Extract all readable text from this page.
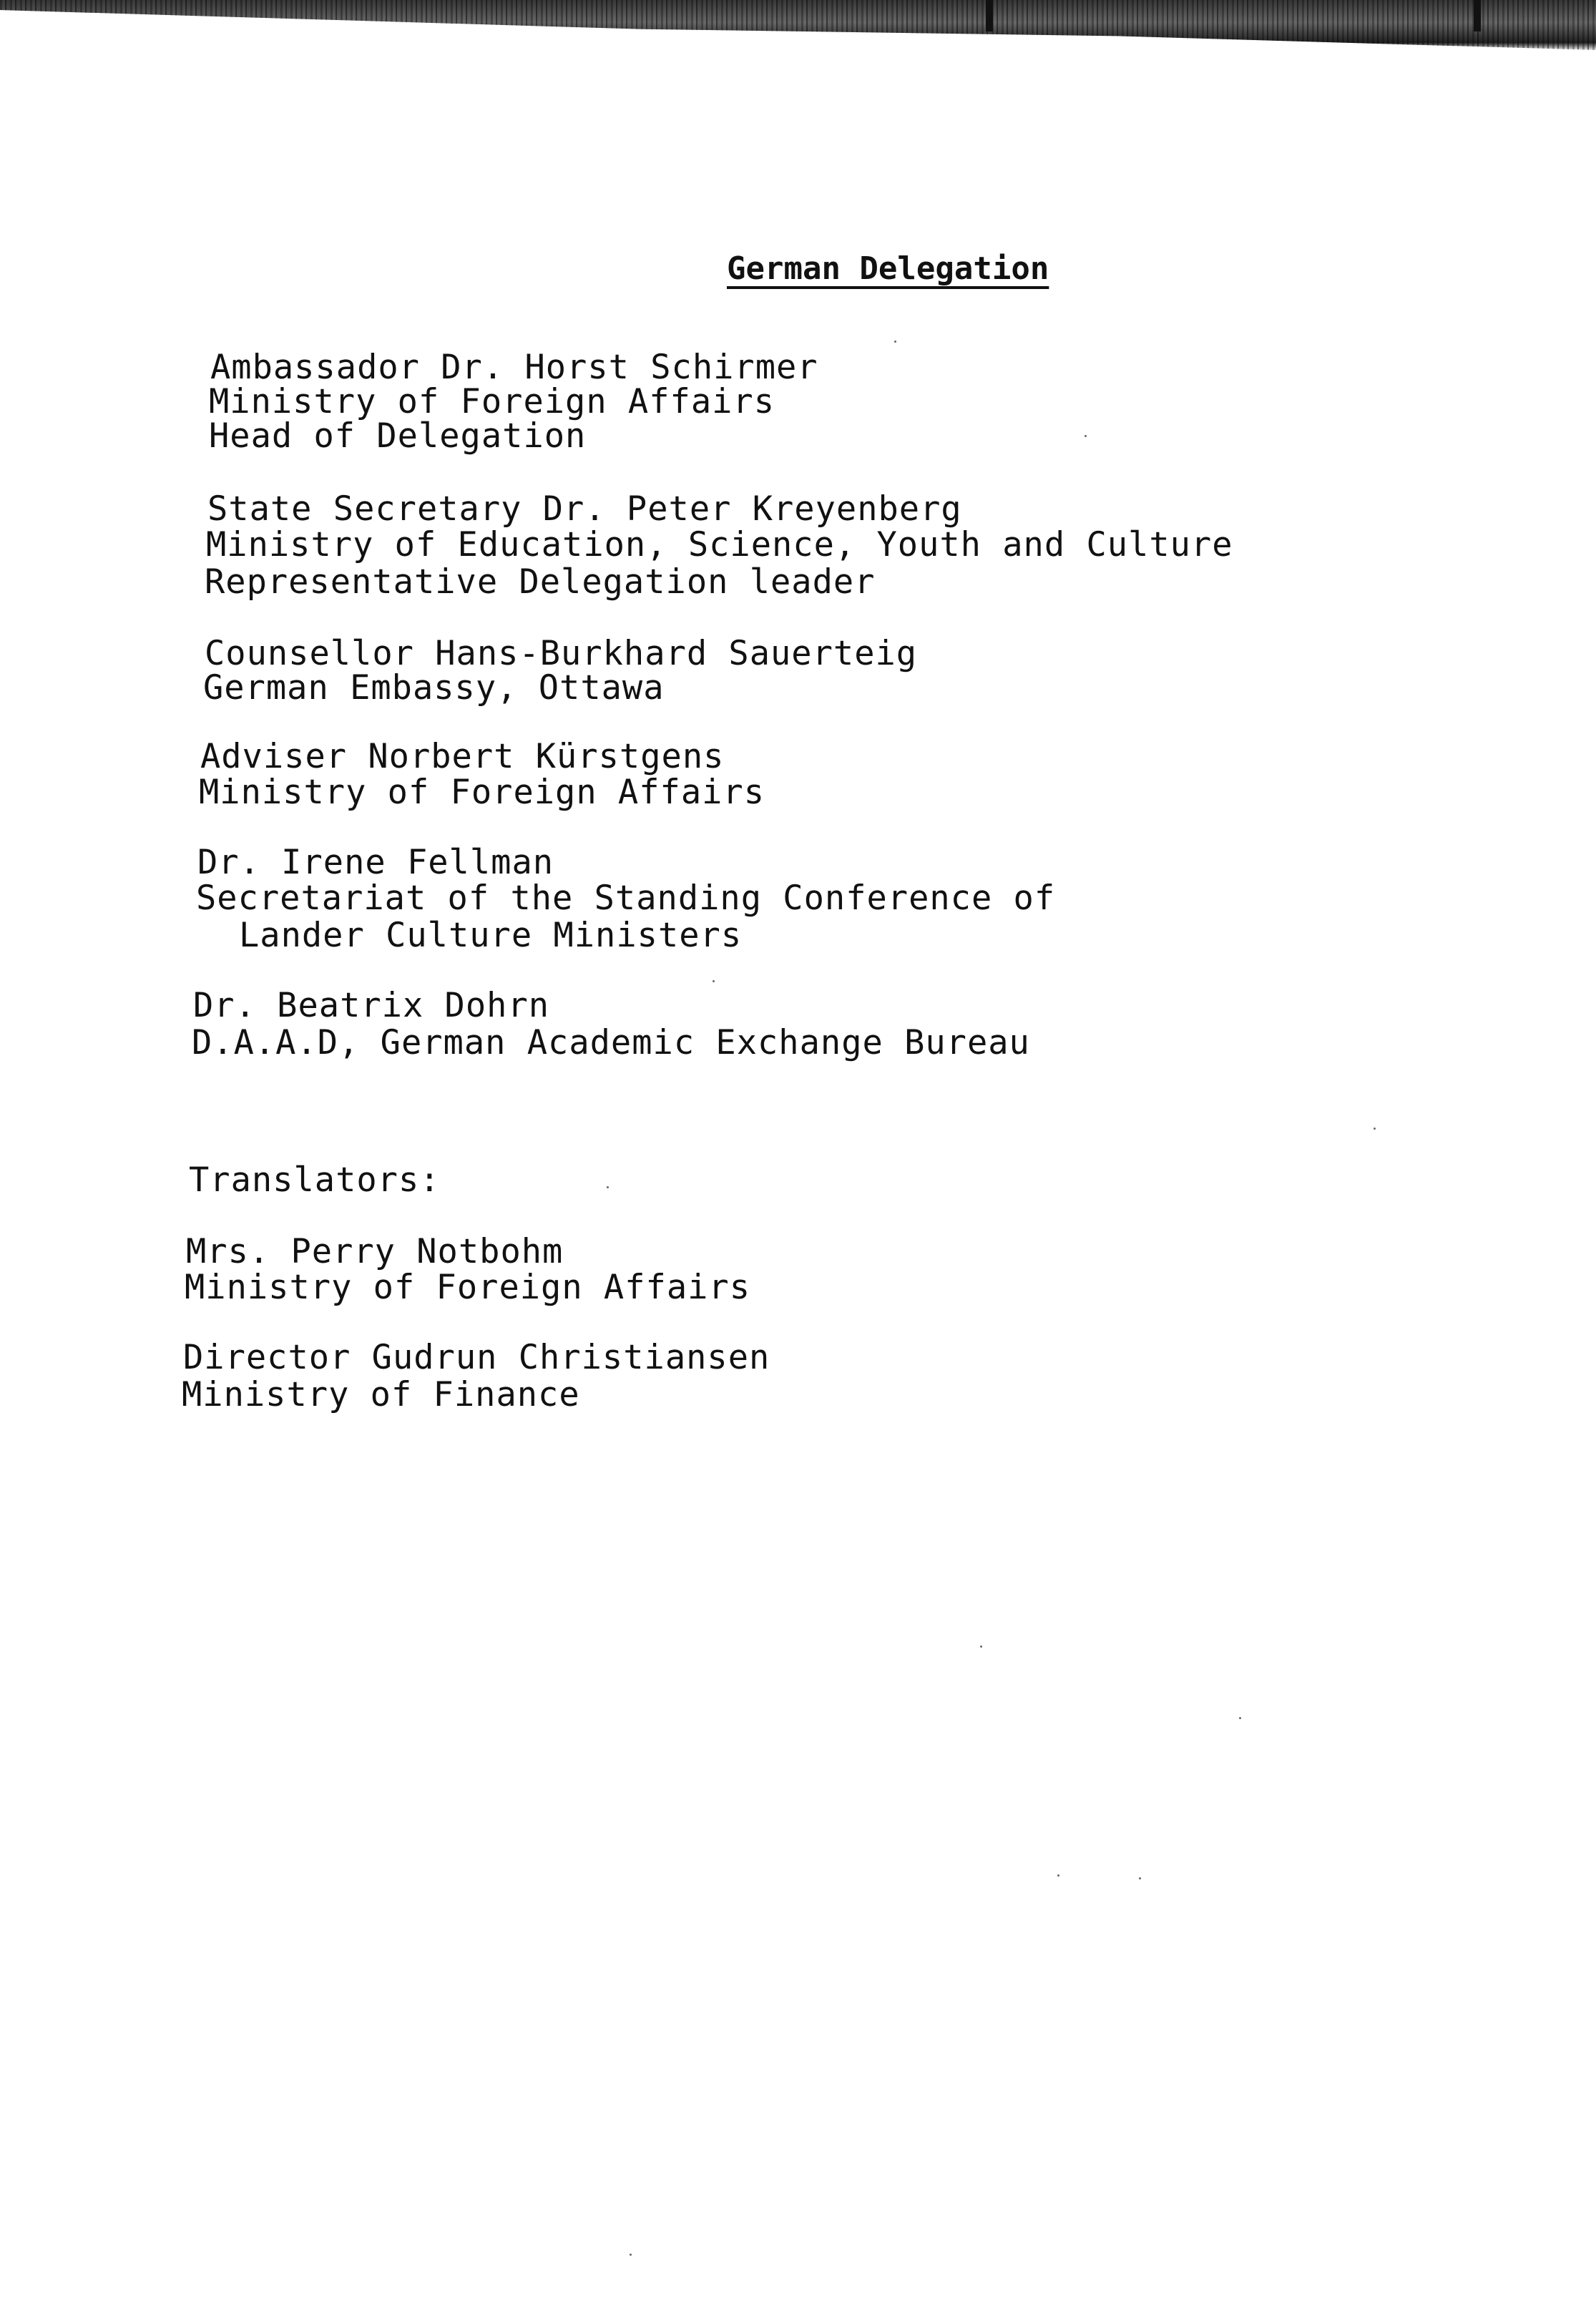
German Delegation
Ambassador Dr. Horst Schirmer
Ministry of Foreign Affairs
Head of Delegation
State Secretary Dr. Peter Kreyenberg
Ministry of Education, Science, Youth and Culture
Representative Delegation leader
Counsellor Hans-Burkhard Sauerteig
German Embassy, Ottawa
Adviser Norbert Kürstgens
Ministry of Foreign Affairs
Dr. Irene Fellman
Secretariat of the Standing Conference of
Lander Culture Ministers
Dr. Beatrix Dohrn
D.A.A.D, German Academic Exchange Bureau
Translators:
Mrs. Perry Notbohm
Ministry of Foreign Affairs
Director Gudrun Christiansen
Ministry of Finance
